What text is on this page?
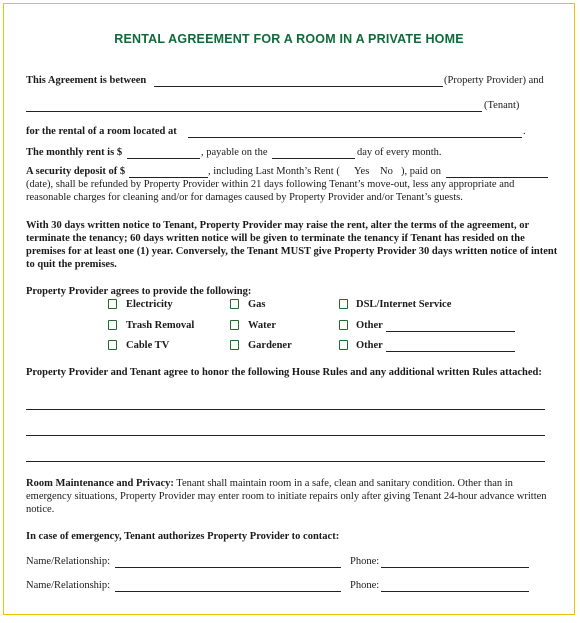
RENTAL AGREEMENT FOR A ROOM IN A PRIVATE HOME
This Agreement is between	(Property Provider) and
(Tenant)
for the rental of a room located at	.
The monthly rent is $	, payable on the	day of every month.
A security deposit of $	, including Last Month’s Rent ( Yes No ), paid on
(date), shall be refunded by Property Provider within 21 days following Tenant’s move-out, less any appropriate and reasonable charges for cleaning and/or for damages caused by Property Provider and/or Tenant’s guests.
With 30 days written notice to Tenant, Property Provider may raise the rent, alter the terms of the agreement, or terminate the tenancy; 60 days written notice will be given to terminate the tenancy if Tenant has resided on the premises for at least one (1) year. Conversely, the Tenant MUST give Property Provider 30 days written notice of intent to quit the premises.
Property Provider agrees to provide the following:
Electricity	Gas	DSL/Internet Service
Trash Removal	Water	Other
Cable TV	Gardener	Other
Property Provider and Tenant agree to honor the following House Rules and any additional written Rules attached:
Room Maintenance and Privacy: Tenant shall maintain room in a safe, clean and sanitary condition. Other than in emergency situations, Property Provider may enter room to initiate repairs only after giving Tenant 24-hour advance written notice.
In case of emergency, Tenant authorizes Property Provider to contact:
Name/Relationship:	Phone:
Name/Relationship:	Phone:
